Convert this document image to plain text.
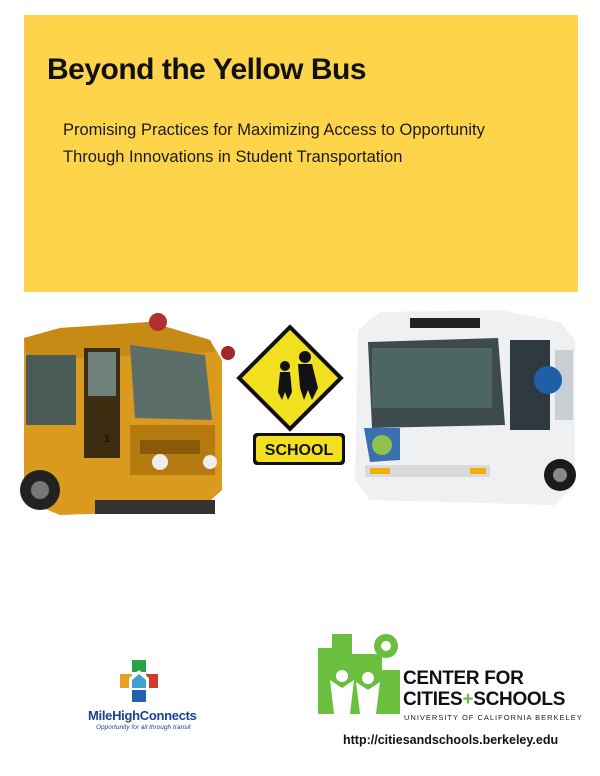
Beyond the Yellow Bus
Promising Practices for Maximizing Access to Opportunity
Through Innovations in Student Transportation
1
SCHOOL
MileHighConnects
Opportunity for all through transit
CENTER FOR
CITIES+SCHOOLS
UNIVERSITY OF CALIFORNIA BERKELEY
http://citiesandschools.berkeley.edu
